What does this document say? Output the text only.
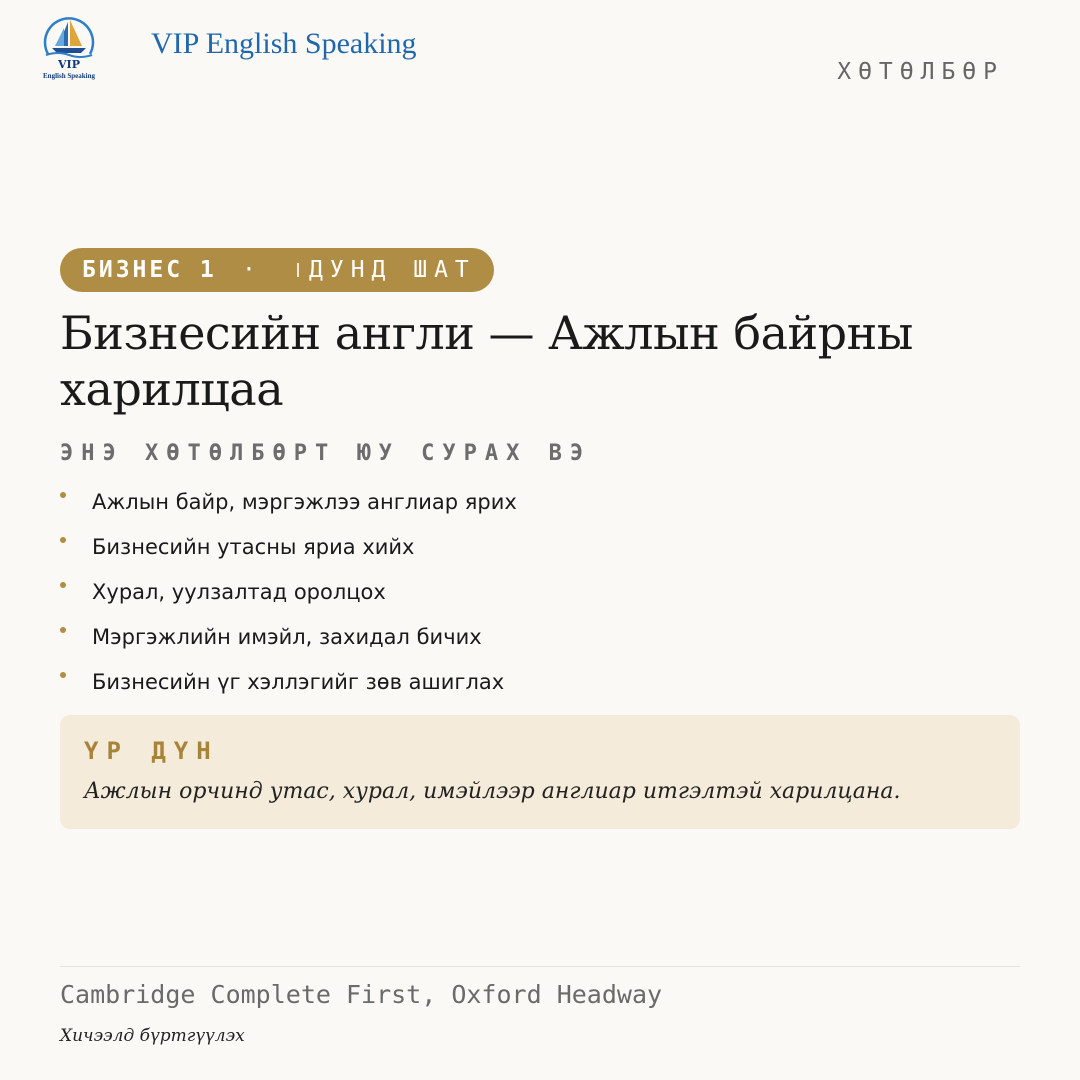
VIP
English Speaking
VIP English Speaking
ХӨТӨЛБӨР
БИЗНЕС 1	·	ДУНД ШАТ
Бизнесийн англи — Ажлын байрны харилцаа
ЭНЭ ХӨТӨЛБӨРТ ЮУ СУРАХ ВЭ
Ажлын байр, мэргэжлээ англиар ярих
Бизнесийн утасны яриа хийх
Хурал, уулзалтад оролцох
Мэргэжлийн имэйл, захидал бичих
Бизнесийн үг хэллэгийг зөв ашиглах
ҮР ДҮН
Ажлын орчинд утас, хурал, имэйлээр англиар итгэлтэй харилцана.
Cambridge Complete First, Oxford Headway
Хичээлд бүртгүүлэх
